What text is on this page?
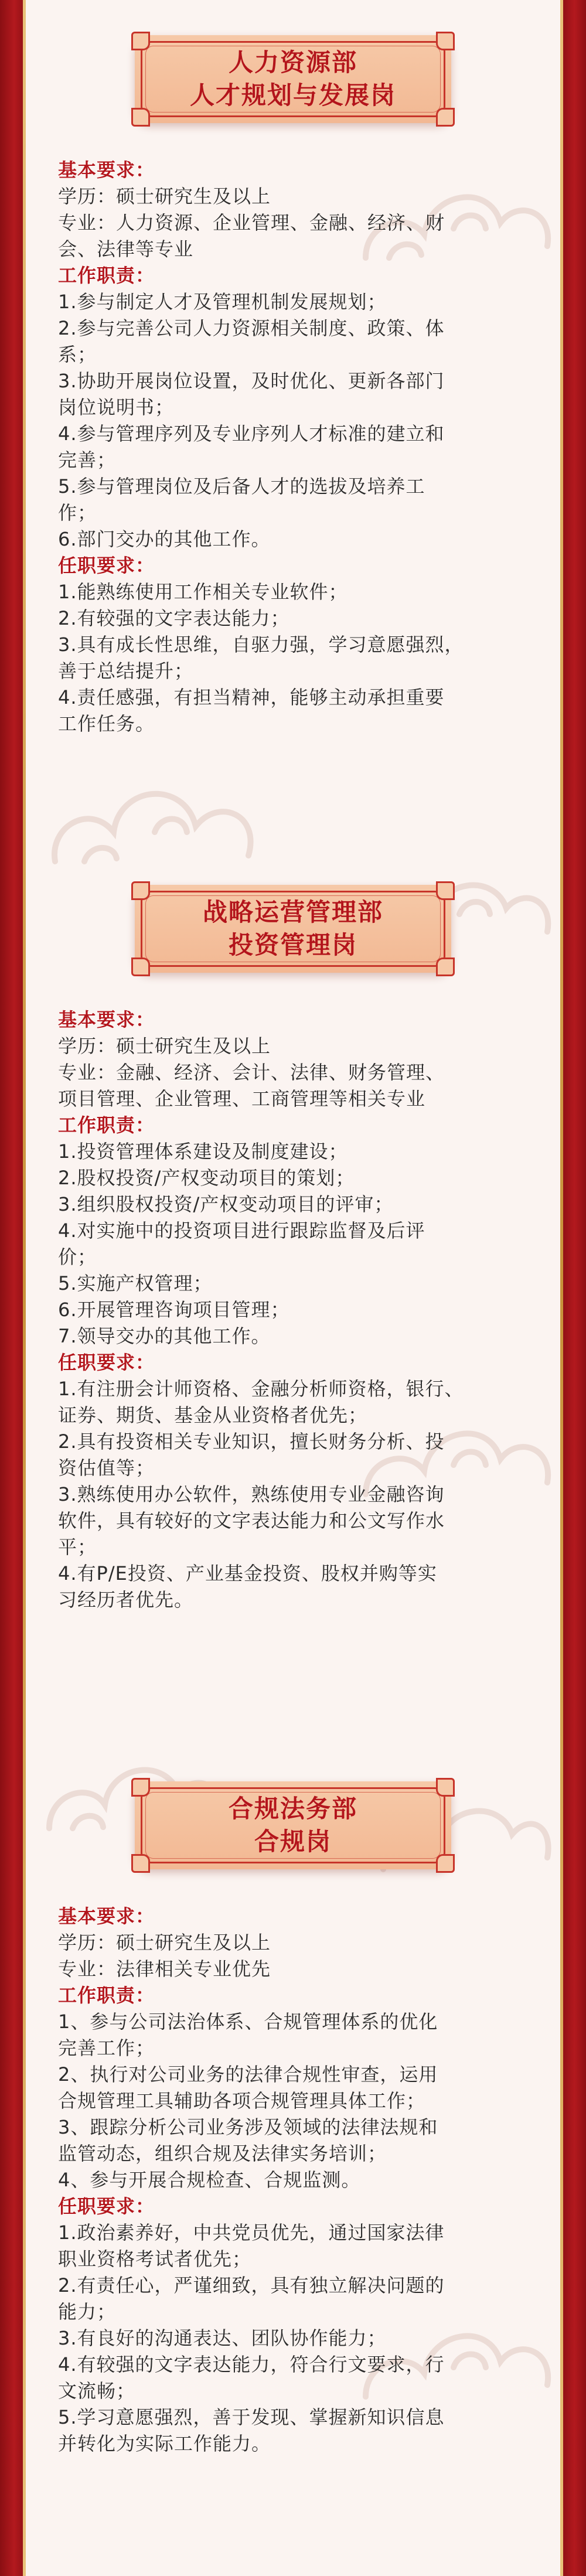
人力资源部
人才规划与发展岗

基本要求：

学历：硕士研究生及以上

专业：人力资源、企业管理、金融、经济、财

会、法律等专业

工作职责：

1.参与制定人才及管理机制发展规划；

2.参与完善公司人力资源相关制度、政策、体

系；

3.协助开展岗位设置，及时优化、更新各部门

岗位说明书；

4.参与管理序列及专业序列人才标准的建立和

完善；

5.参与管理岗位及后备人才的选拔及培养工

作；

6.部门交办的其他工作。

任职要求：

1.能熟练使用工作相关专业软件；

2.有较强的文字表达能力；

3.具有成长性思维，自驱力强，学习意愿强烈，

善于总结提升；

4.责任感强，有担当精神，能够主动承担重要

工作任务。

战略运营管理部
投资管理岗

基本要求：

学历：硕士研究生及以上

专业：金融、经济、会计、法律、财务管理、

项目管理、企业管理、工商管理等相关专业

工作职责：

1.投资管理体系建设及制度建设；

2.股权投资/产权变动项目的策划；

3.组织股权投资/产权变动项目的评审；

4.对实施中的投资项目进行跟踪监督及后评

价；

5.实施产权管理；

6.开展管理咨询项目管理；

7.领导交办的其他工作。

任职要求：

1.有注册会计师资格、金融分析师资格，银行、

证券、期货、基金从业资格者优先；

2.具有投资相关专业知识，擅长财务分析、投

资估值等；

3.熟练使用办公软件，熟练使用专业金融咨询

软件，具有较好的文字表达能力和公文写作水

平；

4.有P/E投资、产业基金投资、股权并购等实

习经历者优先。

合规法务部
合规岗

基本要求：

学历：硕士研究生及以上

专业：法律相关专业优先

工作职责：

1、参与公司法治体系、合规管理体系的优化

完善工作；

2、执行对公司业务的法律合规性审查，运用

合规管理工具辅助各项合规管理具体工作；

3、跟踪分析公司业务涉及领域的法律法规和

监管动态，组织合规及法律实务培训；

4、参与开展合规检查、合规监测。

任职要求：

1.政治素养好，中共党员优先，通过国家法律

职业资格考试者优先；

2.有责任心，严谨细致，具有独立解决问题的

能力；

3.有良好的沟通表达、团队协作能力；

4.有较强的文字表达能力，符合行文要求，行

文流畅；

5.学习意愿强烈，善于发现、掌握新知识信息

并转化为实际工作能力。
